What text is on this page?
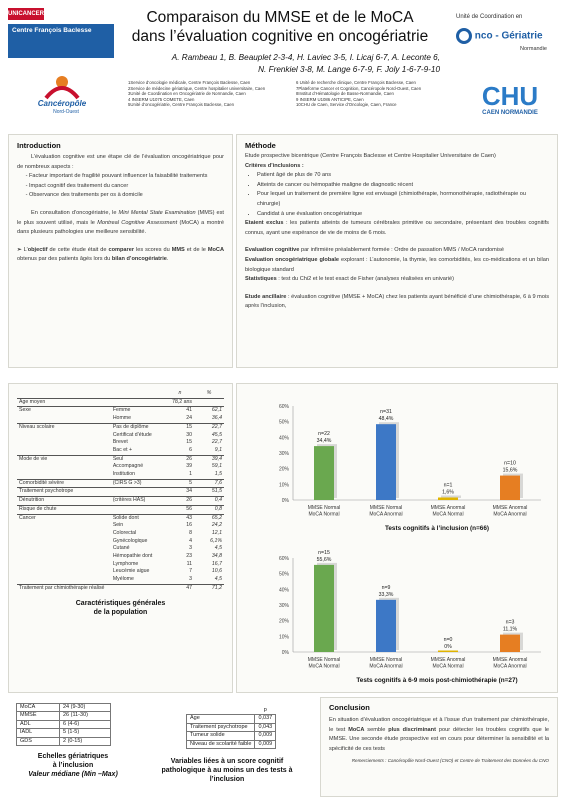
UNICANCER
Centre François Baclesse
Cancéropôle
Nord-Ouest
Comparaison du MMSE et de le MoCA
dans l’évaluation cognitive en oncogériatrie
A. Rambeau 1, B. Beauplet 2-3-4, H. Laviec 3-5, I. Licaj 6-7, A. Leconte 6,
N. Frenkiel 3-8, M. Lange 6-7-9, F. Joly 1-6-7-9-10
1Service d’oncologie médicale, Centre François Baclesse, Caen
2Service de médecine gériatrique, Centre hospitalier universitaire, Caen
3Unité de Coordination en Oncogériatrie de Normandie, Caen
4 INSERM U1075 COMETE, Caen
5Unité d’oncogériatrie, Centre François Baclesse, Caen
6 Unité de recherche clinique, Centre François Baclesse, Caen
7Plateforme Cancer et Cognition, Cancéropole Nord-Ouest, Caen
8Institut d’Hématologie de Basse-Normandie, Caen
9 INSERM U1086 ANTICIPE, Caen
10CHU de Caen, Service d’Oncologie, Caen, France
Unité de Coordination en
nco - Gériatrie
Normandie
CHU
CAEN NORMANDIE
Introduction
L’évaluation cognitive est une étape clé de l’évaluation oncogériatrique pour de nombreux aspects :
- Facteur important de fragilité pouvant influencer la faisabilité traitements
- Impact cognitif des traitement du cancer
- Observance des traitements per os à domicile
En consultation d’oncogériatrie, le Mini Mental State Examination (MMS) est le plus souvent utilisé, mais le Montreal Cognitive Assessment (MoCA) a montré dans plusieurs pathologies une meilleure sensibilité.
➢ L’objectif de cette étude était de comparer les scores du MMS et de le MoCA obtenus par des patients âgés lors du bilan d’oncogériatrie.
Méthode
Etude prospective bicentrique (Centre François Baclesse et Centre Hospitalier Universitaire de Caen)
Critères d’inclusions :
• Patient âgé de plus de 70 ans
• Atteints de cancer ou hémopathie maligne de diagnostic récent
• Pour lequel un traitement de première ligne est envisagé (chimiothérapie, hormonothérapie, radiothérapie ou chirurgie)
• Candidat à une évaluation oncogériatrique
Etaient exclus : les patients atteints de tumeurs cérébrales primitive ou secondaire, présentant des troubles cognitifs connus, ayant une espérance de vie de moins de 6 mois.
Evaluation cognitive par infirmière préalablement formée : Ordre de passation MMS / MoCA randomisé
Evaluation oncogériatrique globale explorant : L’autonomie, la thymie, les comorbidités, les co-médications et un bilan biologique standard
Statistiques : test du Chi2 et le test exact de Fisher (analyses réalisées en univarié)
Etude ancillaire : évaluation cognitive (MMSE + MoCA) chez les patients ayant bénéficié d’une chimiothérapie, 6 à 9 mois après l’inclusion,
		n	%
Age moyen		78,2 ans	
Sexe	Femme	41	62,1
	Homme	24	36,4
Niveau scolaire	Pas de diplôme	15	22,7
	Certificat d’étude	30	45,5
	Brevet	15	22,7
	Bac et +	6	9,1
Mode de vie	Seul	26	39,4
	Accompagné	39	59,1
	Institution	1	1,5
Comorbidité sévère	(CIRS G >3)	5	7,6
Traitement psychotrope		34	51,5
Dénutrition	(critères HAS)	26	0,4
Risque de chute		56	0,8
Cancer	Solide dont	43	65,2
	Sein	16	24,2
	Colorectal	8	12,1
	Gynécologique	4	6,1%
	Cutané	3	4,5
	Hémopathie dont	23	34,8
	Lymphome	11	16,7
	Leucémie aigue	7	10,6
	Myélome	3	4,5
Traitement par chimiothérapie réalisé		47	71,2
Caractéristiques générales
de la population
0%
10%
20%
30%
40%
50%
60%
n=22
34,4%
MMSE Normal MoCA Normal
n=31
48,4%
MMSE Normal MoCA Anormal
n=1
1,6%
MMSE Anormal MoCA Normal
n=10
15,6%
MMSE Anormal MoCA Anormal
Tests cognitifs à l’inclusion (n=66)
0%
10%
20%
30%
40%
50%
60%
n=15
55,6%
MMSE Normal MoCA Normal
n=9
33,3%
MMSE Normal MoCA Anormal
n=0
0%
MMSE Anormal MoCA Normal
n=3
11,1%
MMSE Anormal MoCA Anormal
Tests cognitifs à 6-9 mois post-chimiothérapie (n=27)
MoCA	24 (9-30)
MMSE	26 (11-30)
ADL	6 (4-6)
IADL	5 (1-5)
GDS	2 (0-15)
Echelles gériatriques
à l’inclusion
Valeur médiane (Min –Max)
	p
Age	0,037
Traitement psychotrope	0,043
Tumeur solide	0,009
Niveau de scolarité faible	0,009
Variables liées à un score cognitif
pathologique à au moins un des tests à
l’inclusion
Conclusion
En situation d’évaluation oncogériatrique et à l’issue d’un traitement par chimiothérapie, le test MoCA semble plus discriminant pour détecter les troubles cognitifs que le MMSE. Une seconde étude prospective est en cours pour déterminer la sensibilité et la spécificité de ces tests
Remerciements : Cancéropôle Nord-Ouest (CNO) et Centre de Traitement des Données du CNO
